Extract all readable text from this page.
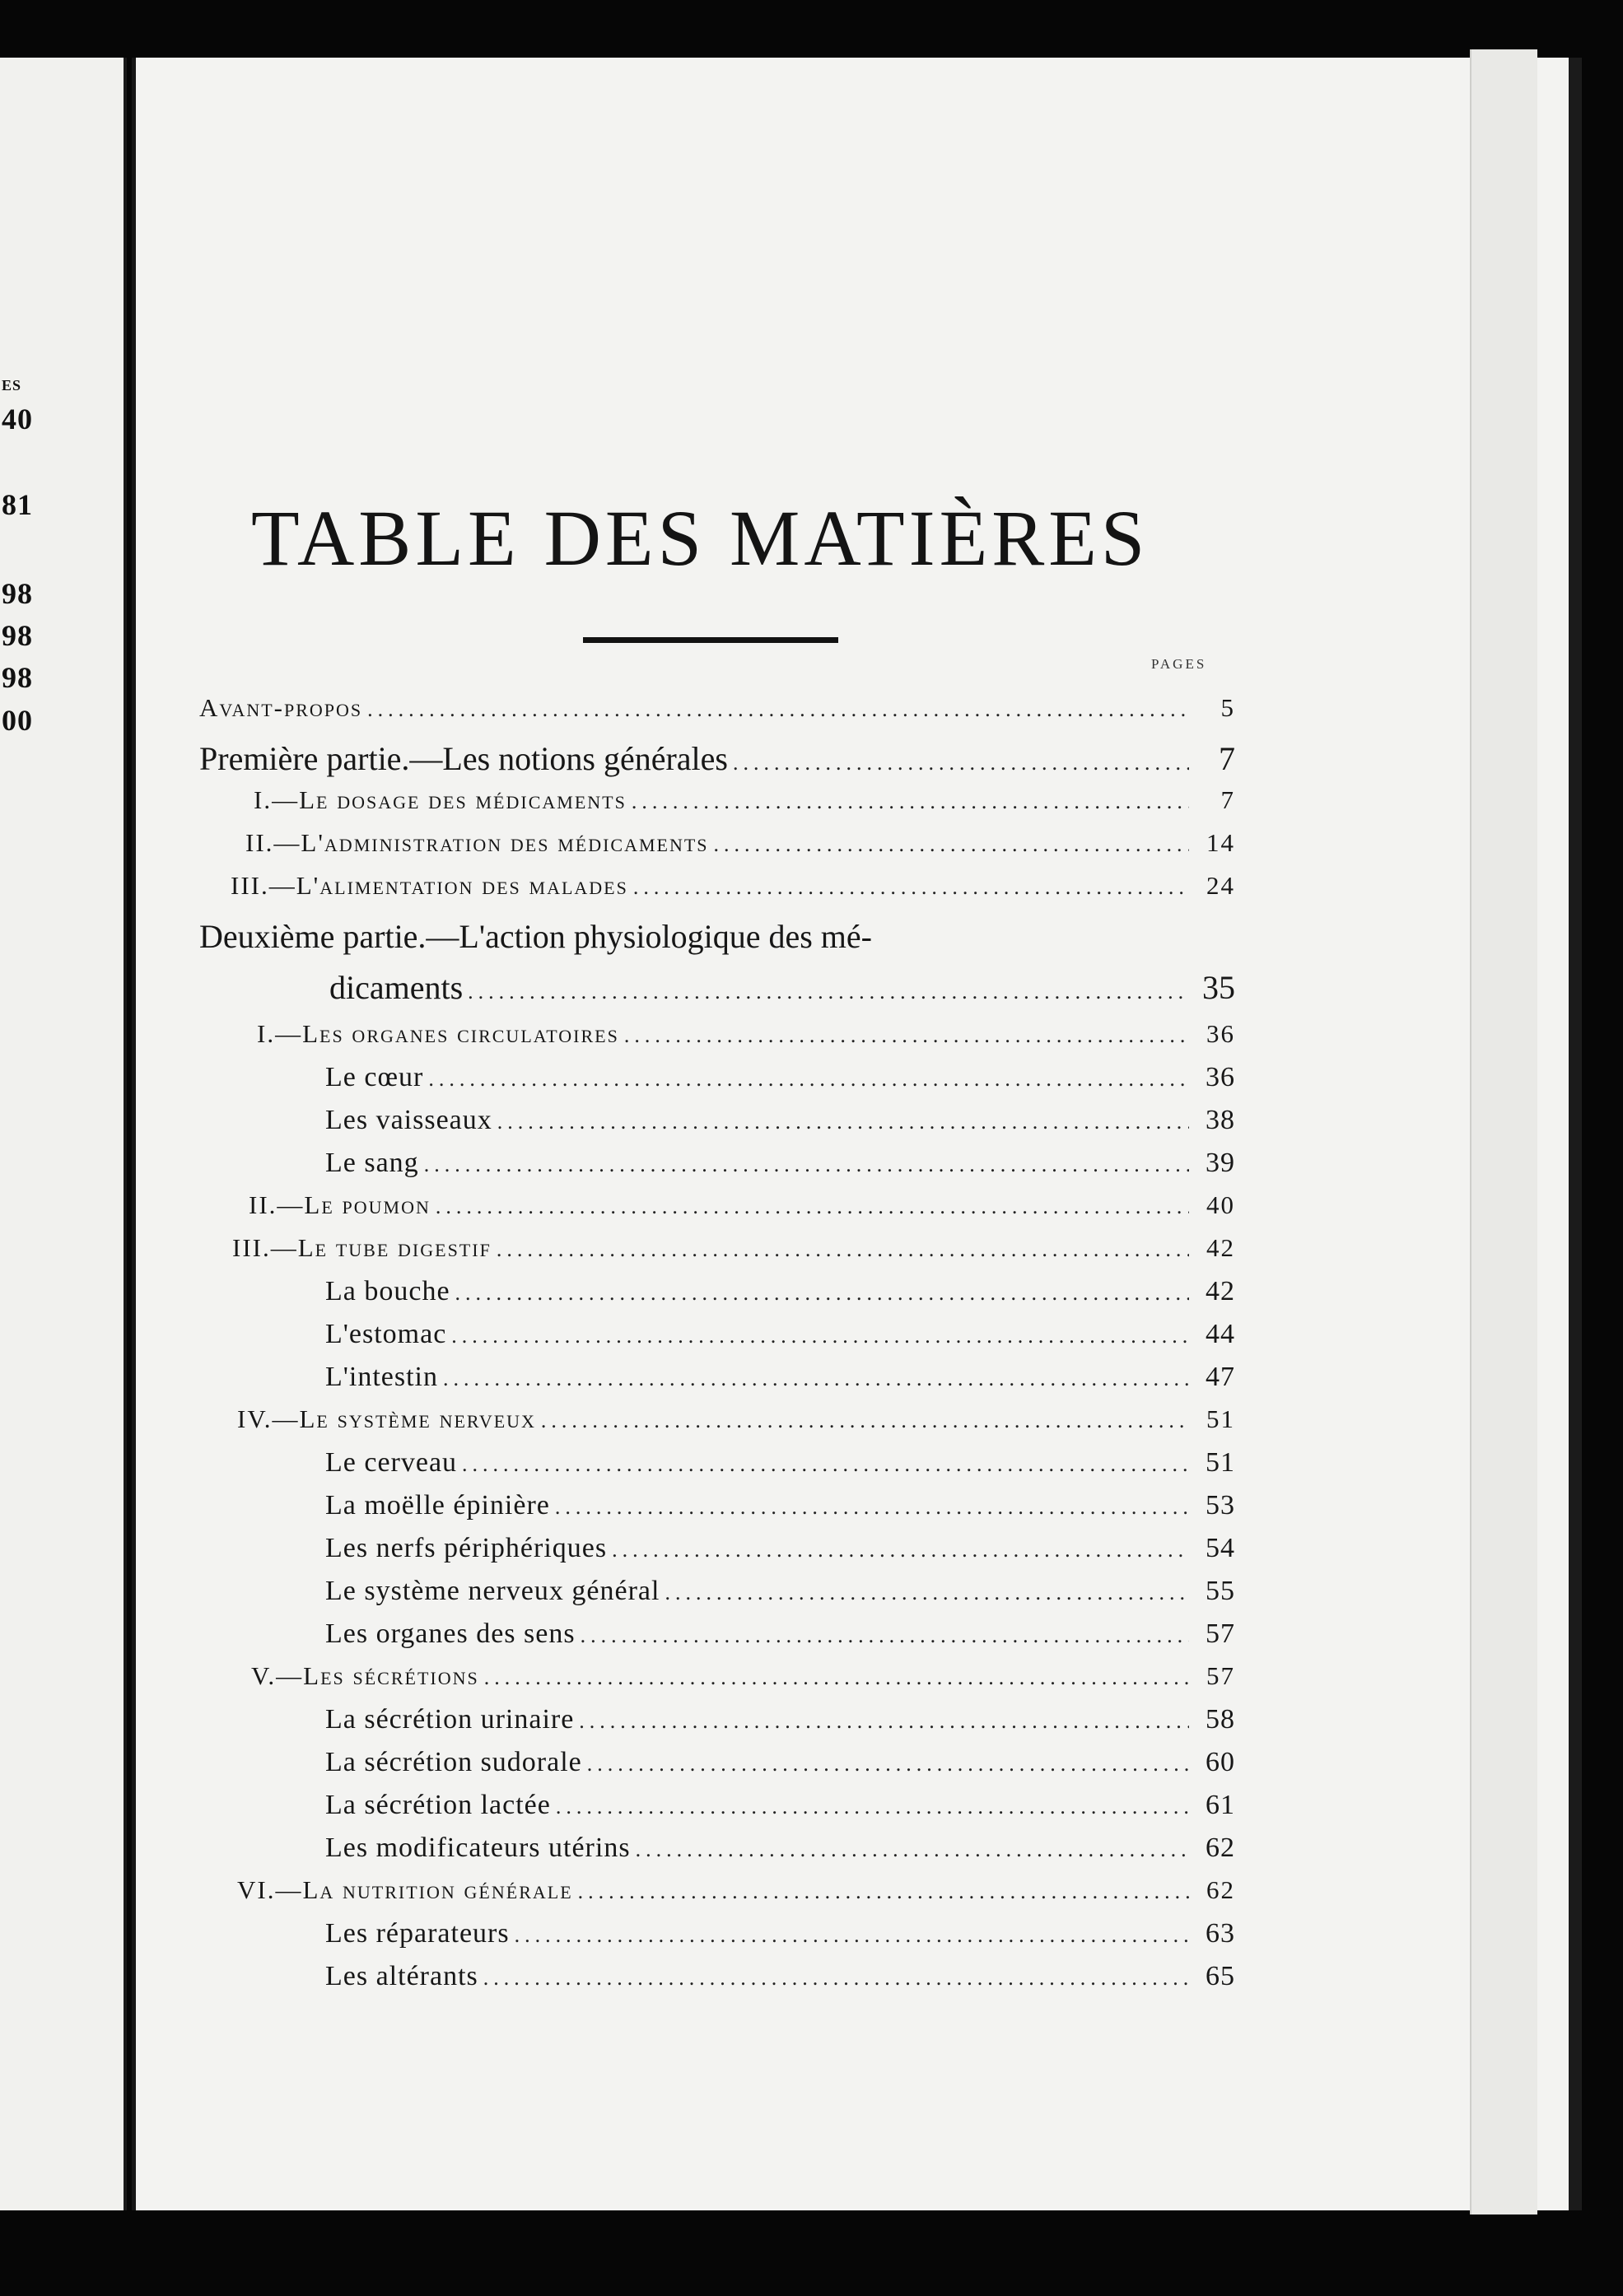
ES
40
81
98
98
98
00
TABLE DES MATIÈRES
PAGES
Avant-propos .....	5
Première partie.—Les notions générales .....	7
I.—Le dosage des médicaments .....	7
II.—L'administration des médicaments .....	14
III.—L'alimentation des malades .....	24
Deuxième partie.—L'action physiologique des mé-
dicaments .....	35
I.—Les organes circulatoires .....	36
Le cœur .....	36
Les vaisseaux .....	38
Le sang .....	39
II.—Le poumon .....	40
III.—Le tube digestif .....	42
La bouche .....	42
L'estomac .....	44
L'intestin .....	47
IV.—Le système nerveux .....	51
Le cerveau .....	51
La moëlle épinière .....	53
Les nerfs périphériques .....	54
Le système nerveux général .....	55
Les organes des sens .....	57
V.—Les sécrétions .....	57
La sécrétion urinaire .....	58
La sécrétion sudorale .....	60
La sécrétion lactée .....	61
Les modificateurs utérins .....	62
VI.—La nutrition générale .....	62
Les réparateurs .....	63
Les altérants .....	65
